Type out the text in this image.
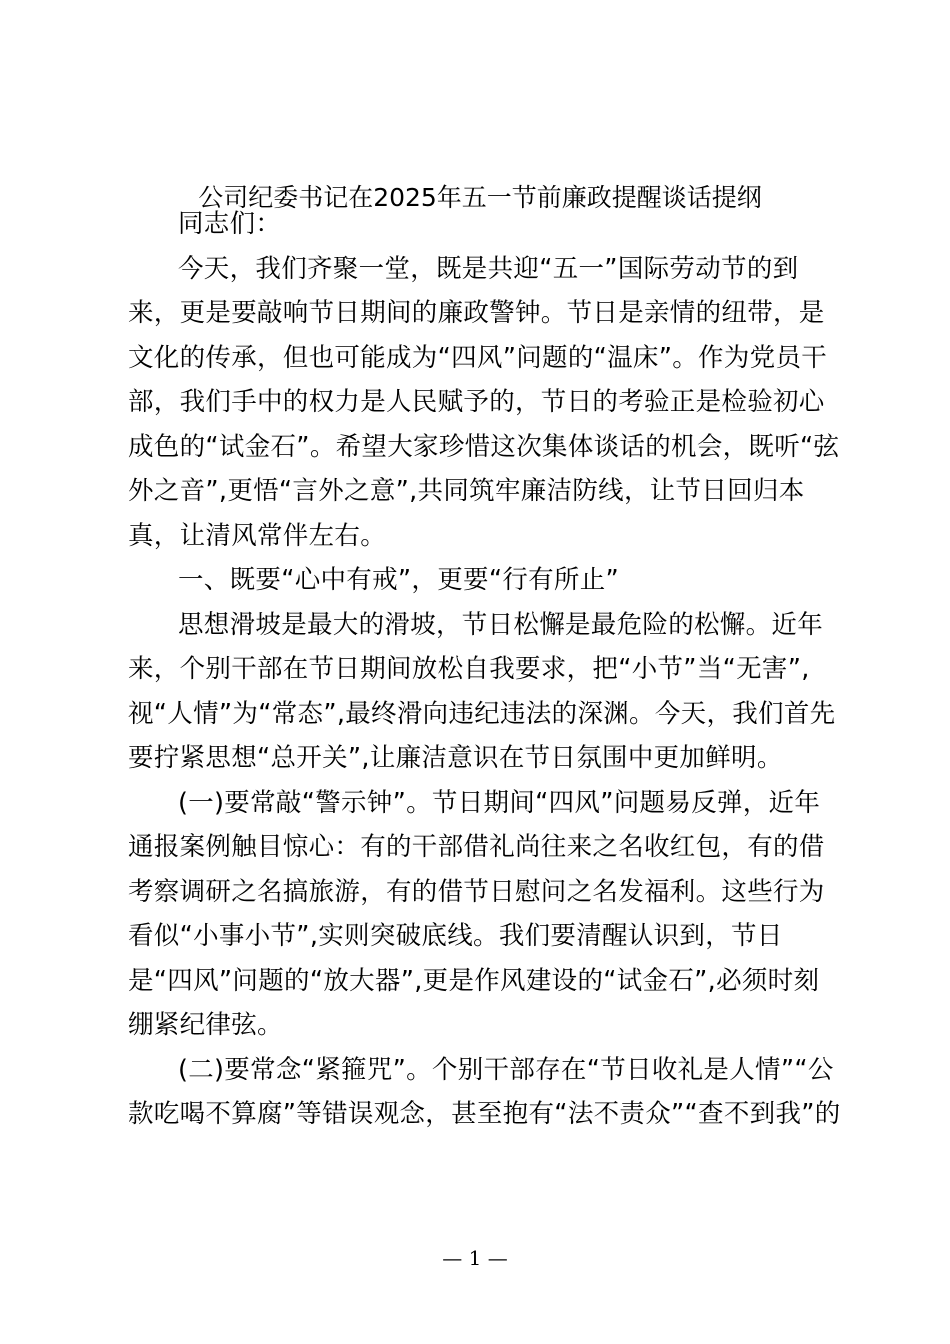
公司纪委书记在2025年五一节前廉政提醒谈话提纲
同志们：
今天，我们齐聚一堂，既是共迎“五一”国际劳动节的到
来，更是要敲响节日期间的廉政警钟。节日是亲情的纽带，是
文化的传承，但也可能成为“四风”问题的“温床”。作为党员干
部，我们手中的权力是人民赋予的，节日的考验正是检验初心
成色的“试金石”。希望大家珍惜这次集体谈话的机会，既听“弦
外之音”,更悟“言外之意”,共同筑牢廉洁防线，让节日回归本
真，让清风常伴左右。
一、既要“心中有戒”，更要“行有所止”
思想滑坡是最大的滑坡，节日松懈是最危险的松懈。近年
来，个别干部在节日期间放松自我要求，把“小节”当“无害”,
视“人情”为“常态”,最终滑向违纪违法的深渊。今天，我们首先
要拧紧思想“总开关”,让廉洁意识在节日氛围中更加鲜明。
(一)要常敲“警示钟”。节日期间“四风”问题易反弹，近年
通报案例触目惊心：有的干部借礼尚往来之名收红包，有的借
考察调研之名搞旅游，有的借节日慰问之名发福利。这些行为
看似“小事小节”,实则突破底线。我们要清醒认识到，节日
是“四风”问题的“放大器”,更是作风建设的“试金石”,必须时刻
绷紧纪律弦。
(二)要常念“紧箍咒”。个别干部存在“节日收礼是人情”“公
款吃喝不算腐”等错误观念，甚至抱有“法不责众”“查不到我”的
— 1 —
